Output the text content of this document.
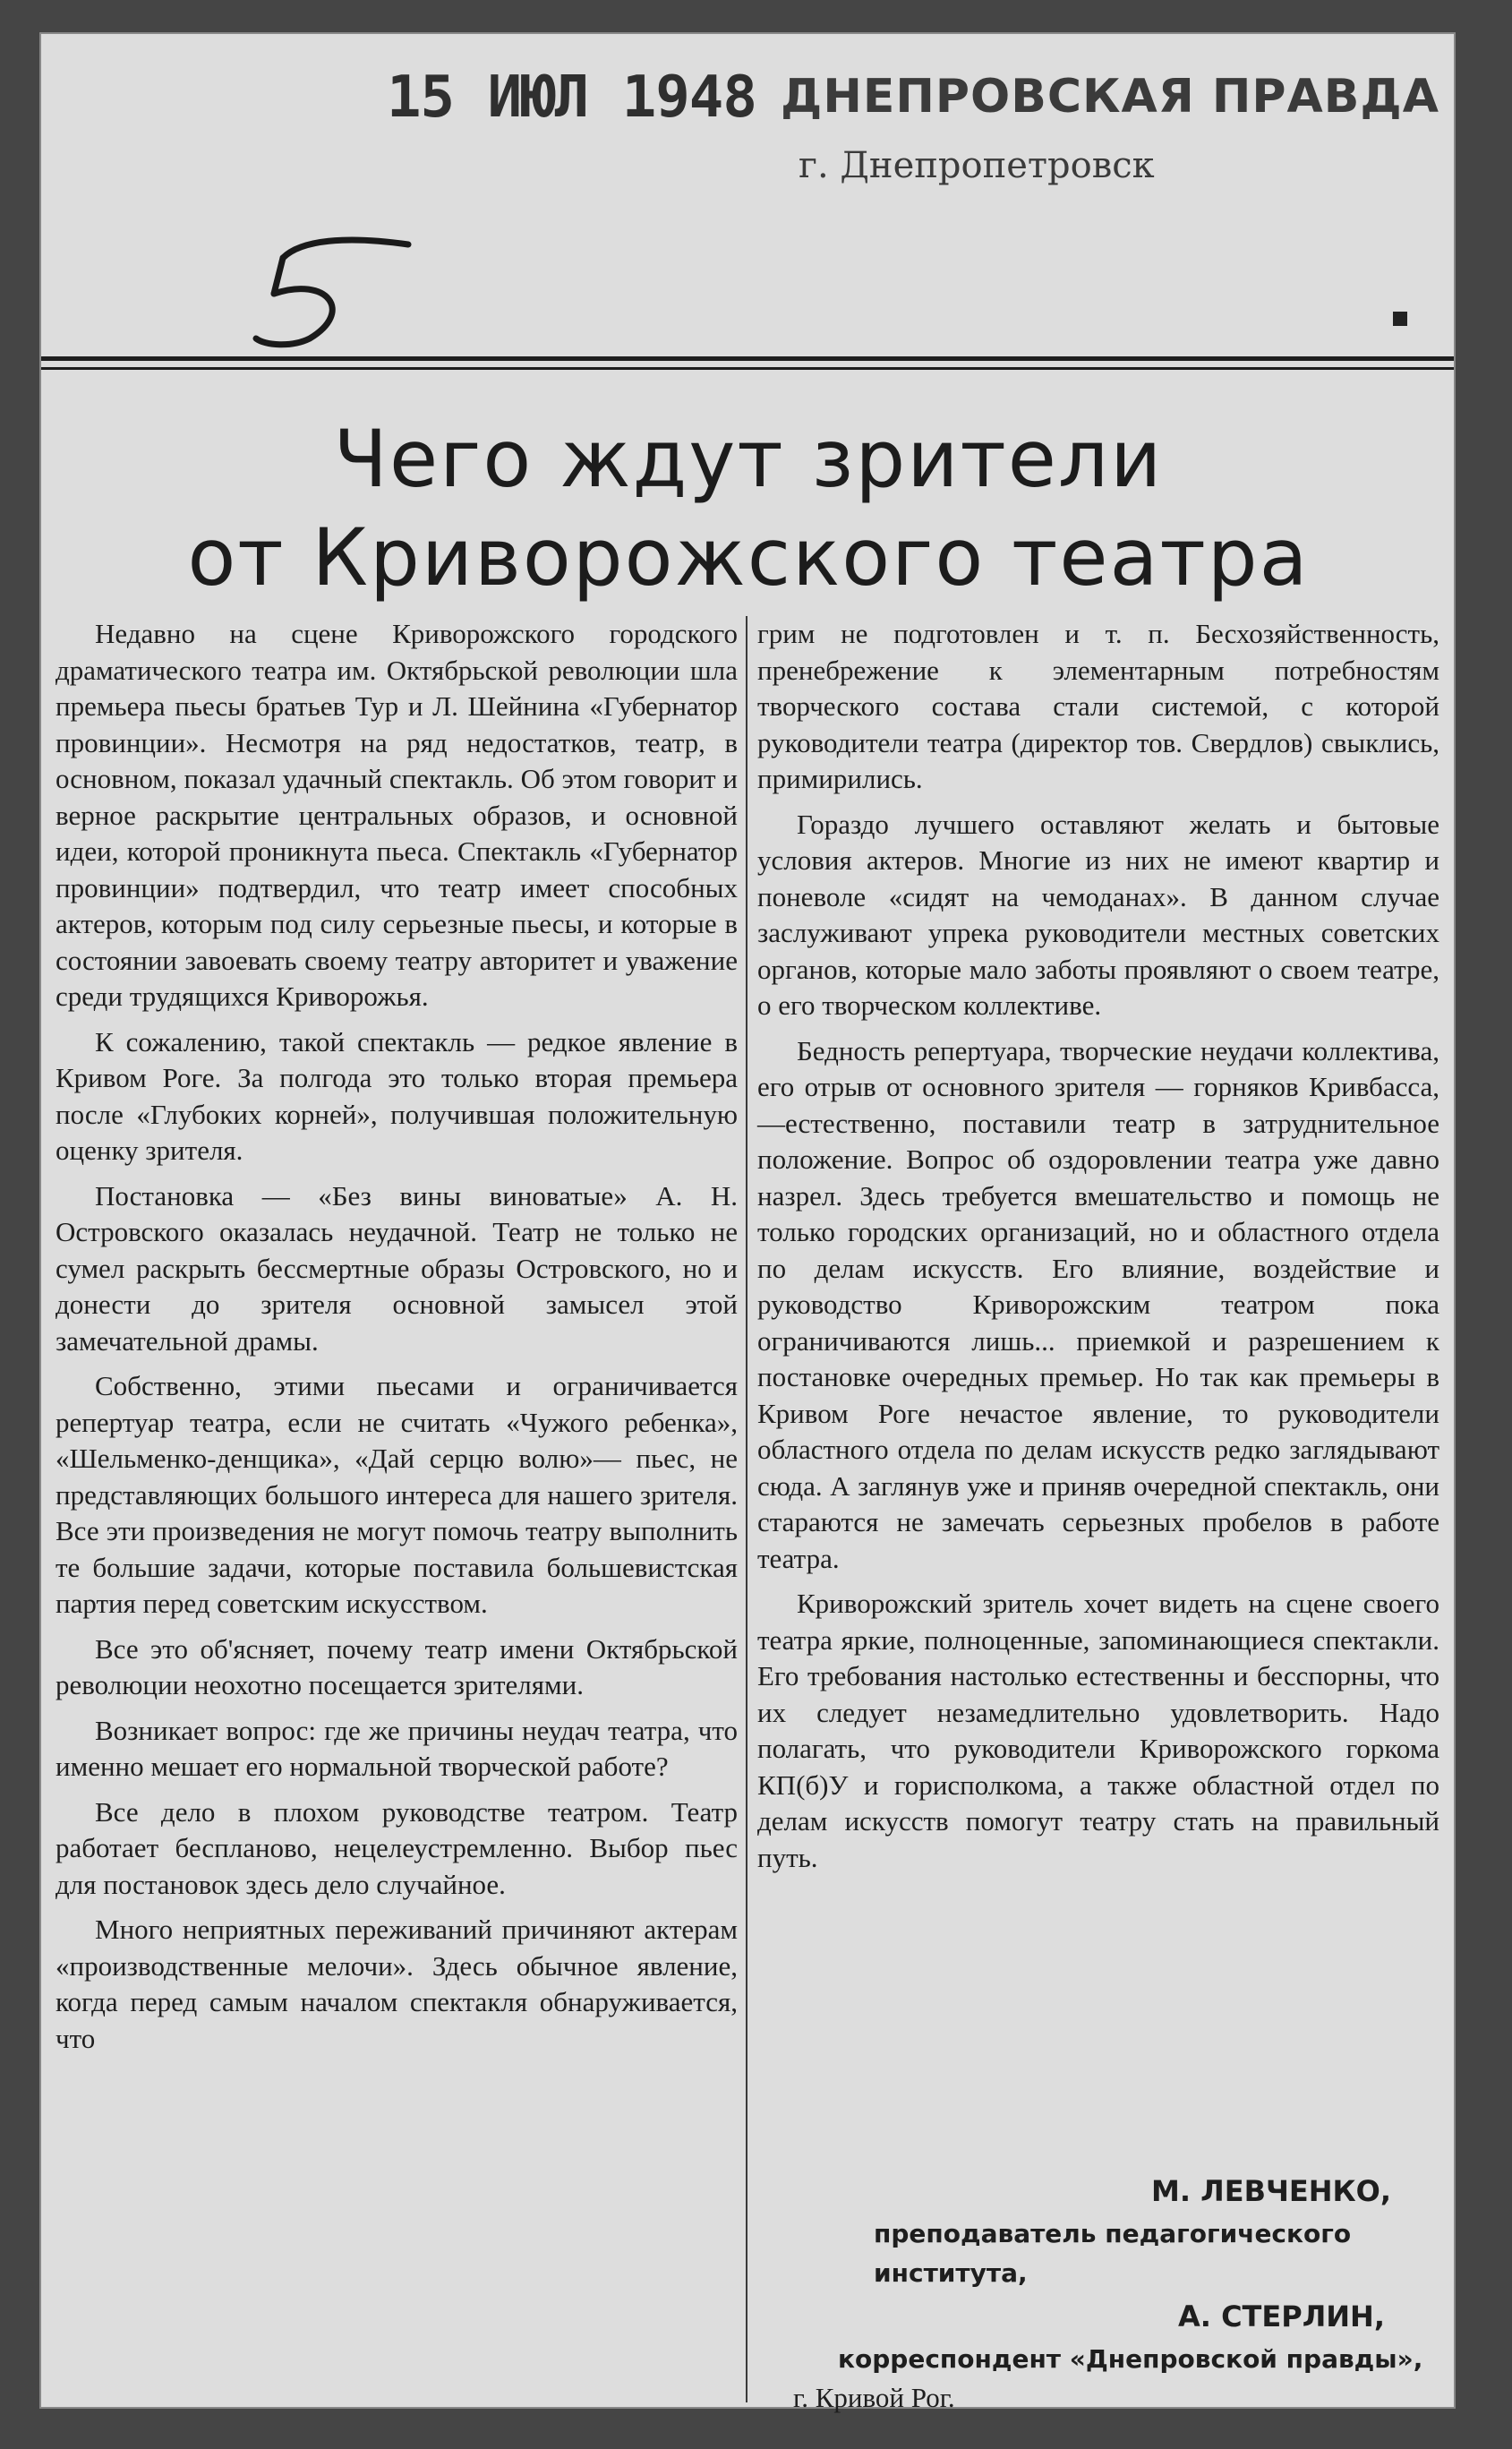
15 ИЮЛ 1948 ДНЕПРОВСКАЯ ПРАВДА
г. Днепропетровск
Чего ждут зрители
от Криворожского театра

Недавно на сцене Криворожского городского драматического театра им. Октябрьской революции шла премьера пьесы братьев Тур и Л. Шейнина «Губернатор провинции». Несмотря на ряд недостатков, театр, в основном, показал удачный спектакль. Об этом говорит и верное раскрытие центральных образов, и основной идеи, которой проникнута пьеса. Спектакль «Губернатор провинции» подтвердил, что театр имеет способных актеров, которым под силу серьезные пьесы, и которые в состоянии завоевать своему театру авторитет и уважение среди трудящихся Криворожья.

К сожалению, такой спектакль — редкое явление в Кривом Роге. За полгода это только вторая премьера после «Глубоких корней», получившая положительную оценку зрителя.

Постановка — «Без вины виноватые» А. Н. Островского оказалась неудачной. Театр не только не сумел раскрыть бессмертные образы Островского, но и донести до зрителя основной замысел этой замечательной драмы.

Собственно, этими пьесами и ограничивается репертуар театра, если не считать «Чужого ребенка», «Шельменко-денщика», «Дай серцю волю»— пьес, не представляющих большого интереса для нашего зрителя. Все эти произведения не могут помочь театру выполнить те большие задачи, которые поставила большевистская партия перед советским искусством.

Все это об'ясняет, почему театр имени Октябрьской революции неохотно посещается зрителями.

Возникает вопрос: где же причины неудач театра, что именно мешает его нормальной творческой работе?

Все дело в плохом руководстве театром. Театр работает беспланово, нецелеустремленно. Выбор пьес для постановок здесь дело случайное.

Много неприятных переживаний причиняют актерам «производственные мелочи». Здесь обычное явление, когда перед самым началом спектакля обнаруживается, что

грим не подготовлен и т. п. Бесхозяйственность, пренебрежение к элементарным потребностям творческого состава стали системой, с которой руководители театра (директор тов. Свердлов) свыклись, примирились.

Гораздо лучшего оставляют желать и бытовые условия актеров. Многие из них не имеют квартир и поневоле «сидят на чемоданах». В данном случае заслуживают упрека руководители местных советских органов, которые мало заботы проявляют о своем театре, о его творческом коллективе.

Бедность репертуара, творческие неудачи коллектива, его отрыв от основного зрителя — горняков Кривбасса,—естественно, поставили театр в затруднительное положение. Вопрос об оздоровлении театра уже давно назрел. Здесь требуется вмешательство и помощь не только городских организаций, но и областного отдела по делам искусств. Его влияние, воздействие и руководство Криворожским театром пока ограничиваются лишь... приемкой и разрешением к постановке очередных премьер. Но так как премьеры в Кривом Роге нечастое явление, то руководители областного отдела по делам искусств редко заглядывают сюда. А заглянув уже и приняв очередной спектакль, они стараются не замечать серьезных пробелов в работе театра.

Криворожский зритель хочет видеть на сцене своего театра яркие, полноценные, запоминающиеся спектакли. Его требования настолько естественны и бесспорны, что их следует незамедлительно удовлетворить. Надо полагать, что руководители Криворожского горкома КП(б)У и горисполкома, а также областной отдел по делам искусств помогут театру стать на правильный путь.

М. ЛЕВЧЕНКО,
преподаватель педагогического института,
А. СТЕРЛИН,
корреспондент «Днепровской правды»,
г. Кривой Рог.
